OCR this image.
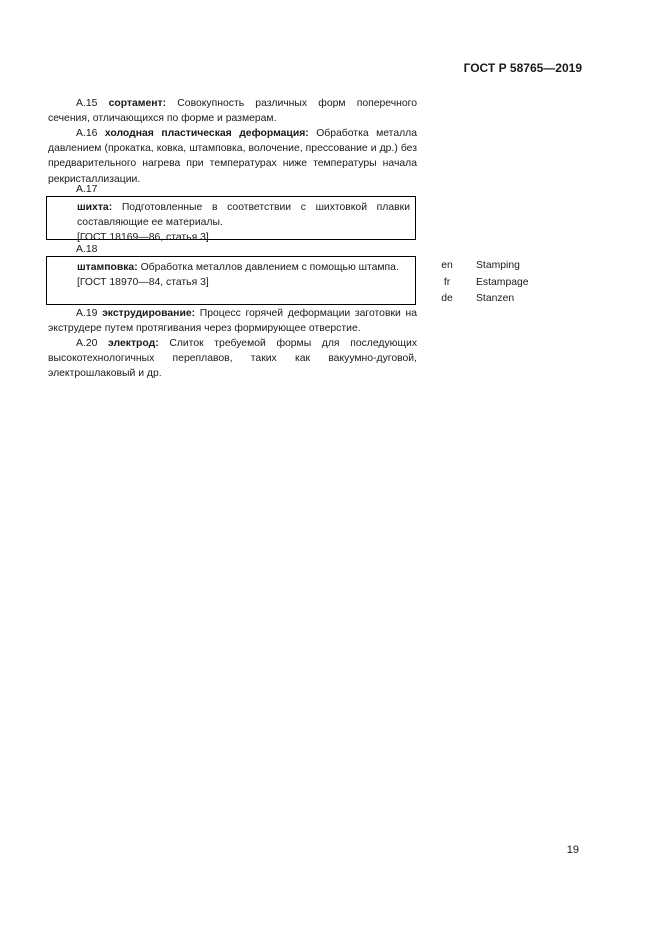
ГОСТ Р 58765—2019

А.15 сортамент: Совокупность различных форм поперечного сечения, отличающихся по форме и размерам.

А.16 холодная пластическая деформация: Обработка металла давлением (прокатка, ковка, штамповка, волочение, прессование и др.) без предварительного нагрева при температурах ниже температуры начала рекристаллизации.

А.17

шихта: Подготовленные в соответствии с шихтовкой плавки составляющие ее материалы.

[ГОСТ 18169—86, статья 3]

А.18

штамповка: Обработка металлов давлением с помощью штампа.

[ГОСТ 18970—84, статья 3]

en	Stamping
fr	Estampage
de	Stanzen

А.19 экструдирование: Процесс горячей деформации заготовки на экструдере путем протягивания через формирующее отверстие.

А.20 электрод: Слиток требуемой формы для последующих высокотехнологичных переплавов, таких как вакуумно-дуговой, электрошлаковый и др.

19
